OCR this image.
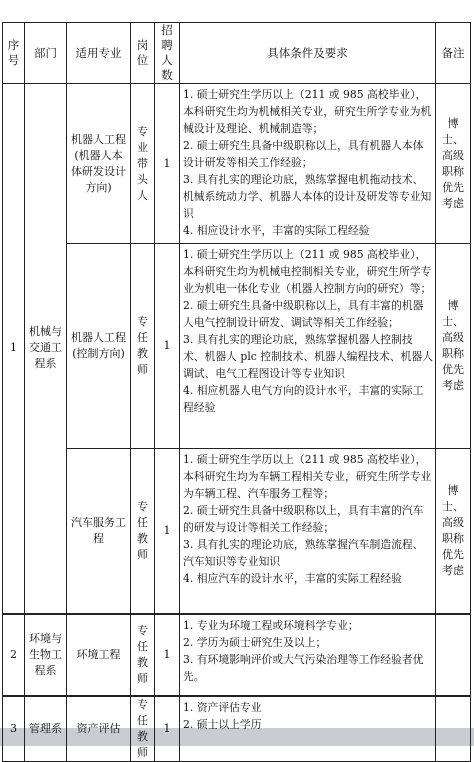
序号	部门	适用专业	岗位	招聘人数	具体条件及要求	备注
1	机械与交通工程系	机器人工程(机器人本体研发设计方向)	专业带头人	1	1. 硕士研究生学历以上（211 或 985 高校毕业），本科研究生均为机械相关专业，研究生所学专业为机械设计及理论、机械制造等；
2. 硕士研究生具备中级职称以上，具有机器人本体设计研发等相关工作经验；
3. 具有扎实的理论功底，熟练掌握电机拖动技术、机械系统动力学、机器人本体的设计及研发等专业知识
4. 相应设计水平，丰富的实际工程经验	博士、高级职称优先考虑
		机器人工程(控制方向)	专任教师	1	1. 硕士研究生学历以上（211 或 985 高校毕业），本科研究生均为机械电控制相关专业，研究生所学专业为机电一体化专业（机器人控制方向的研究）等；
2. 硕士研究生具备中级职称以上，具有丰富的机器人电气控制设计研发、调试等相关工作经验；
3. 具有扎实的理论功底，熟练掌握机器人控制技术、机器人 plc 控制技术、机器人编程技术、机器人调试、电气工程图设计等专业知识
4. 相应机器人电气方向的设计水平，丰富的实际工程经验	博士、高级职称优先考虑
		汽车服务工程	专任教师	1	1. 硕士研究生学历以上（211 或 985 高校毕业），本科研究生均为车辆工程相关专业，研究生所学专业为车辆工程、汽车服务工程等；
2. 硕士研究生具备中级职称以上，具有丰富的汽车的研发与设计等相关工作经验；
3. 具有扎实的理论功底，熟练掌握汽车制造流程、汽车知识等专业知识
4. 相应汽车的设计水平，丰富的实际工程经验	博士、高级职称优先考虑
2	环境与生物工程系	环境工程	专任教师	1	1. 专业为环境工程或环境科学专业；
2. 学历为硕士研究生及以上；
3. 有环境影响评价或大气污染治理等工作经验者优先。	

3	管理系	资产评估	专任教师	1	1. 资产评估专业
2. 硕士以上学历	
